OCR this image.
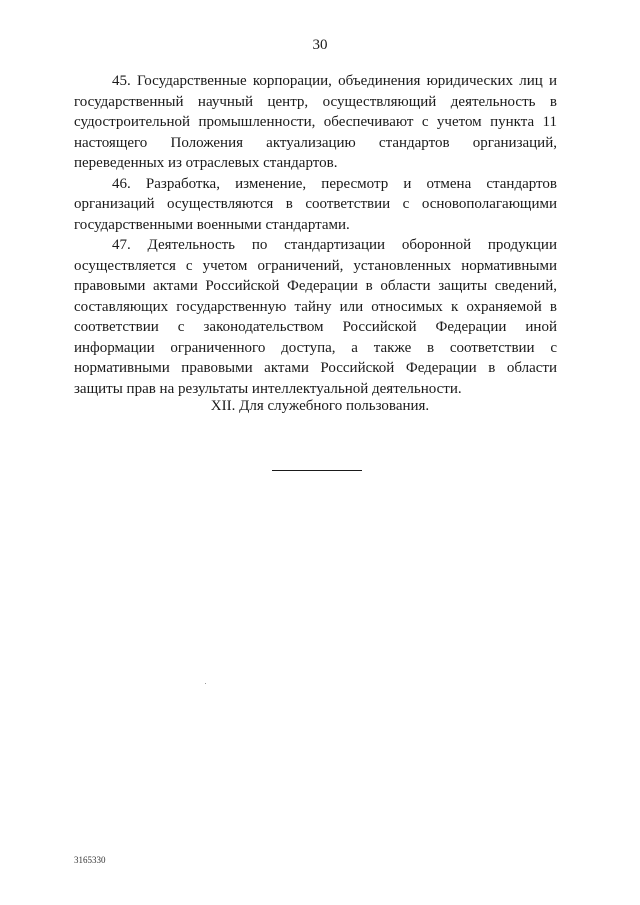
30

45. Государственные корпорации, объединения юридических лиц и государственный научный центр, осуществляющий деятельность в судостроительной промышленности, обеспечивают с учетом пункта 11 настоящего Положения актуализацию стандартов организаций, переведенных из отраслевых стандартов.

46. Разработка, изменение, пересмотр и отмена стандартов организаций осуществляются в соответствии с основополагающими государственными военными стандартами.

47. Деятельность по стандартизации оборонной продукции осуществляется с учетом ограничений, установленных нормативными правовыми актами Российской Федерации в области защиты сведений, составляющих государственную тайну или относимых к охраняемой в соответствии с законодательством Российской Федерации иной информации ограниченного доступа, а также в соответствии с нормативными правовыми актами Российской Федерации в области защиты прав на результаты интеллектуальной деятельности.

XII. Для служебного пользования.
3165330
